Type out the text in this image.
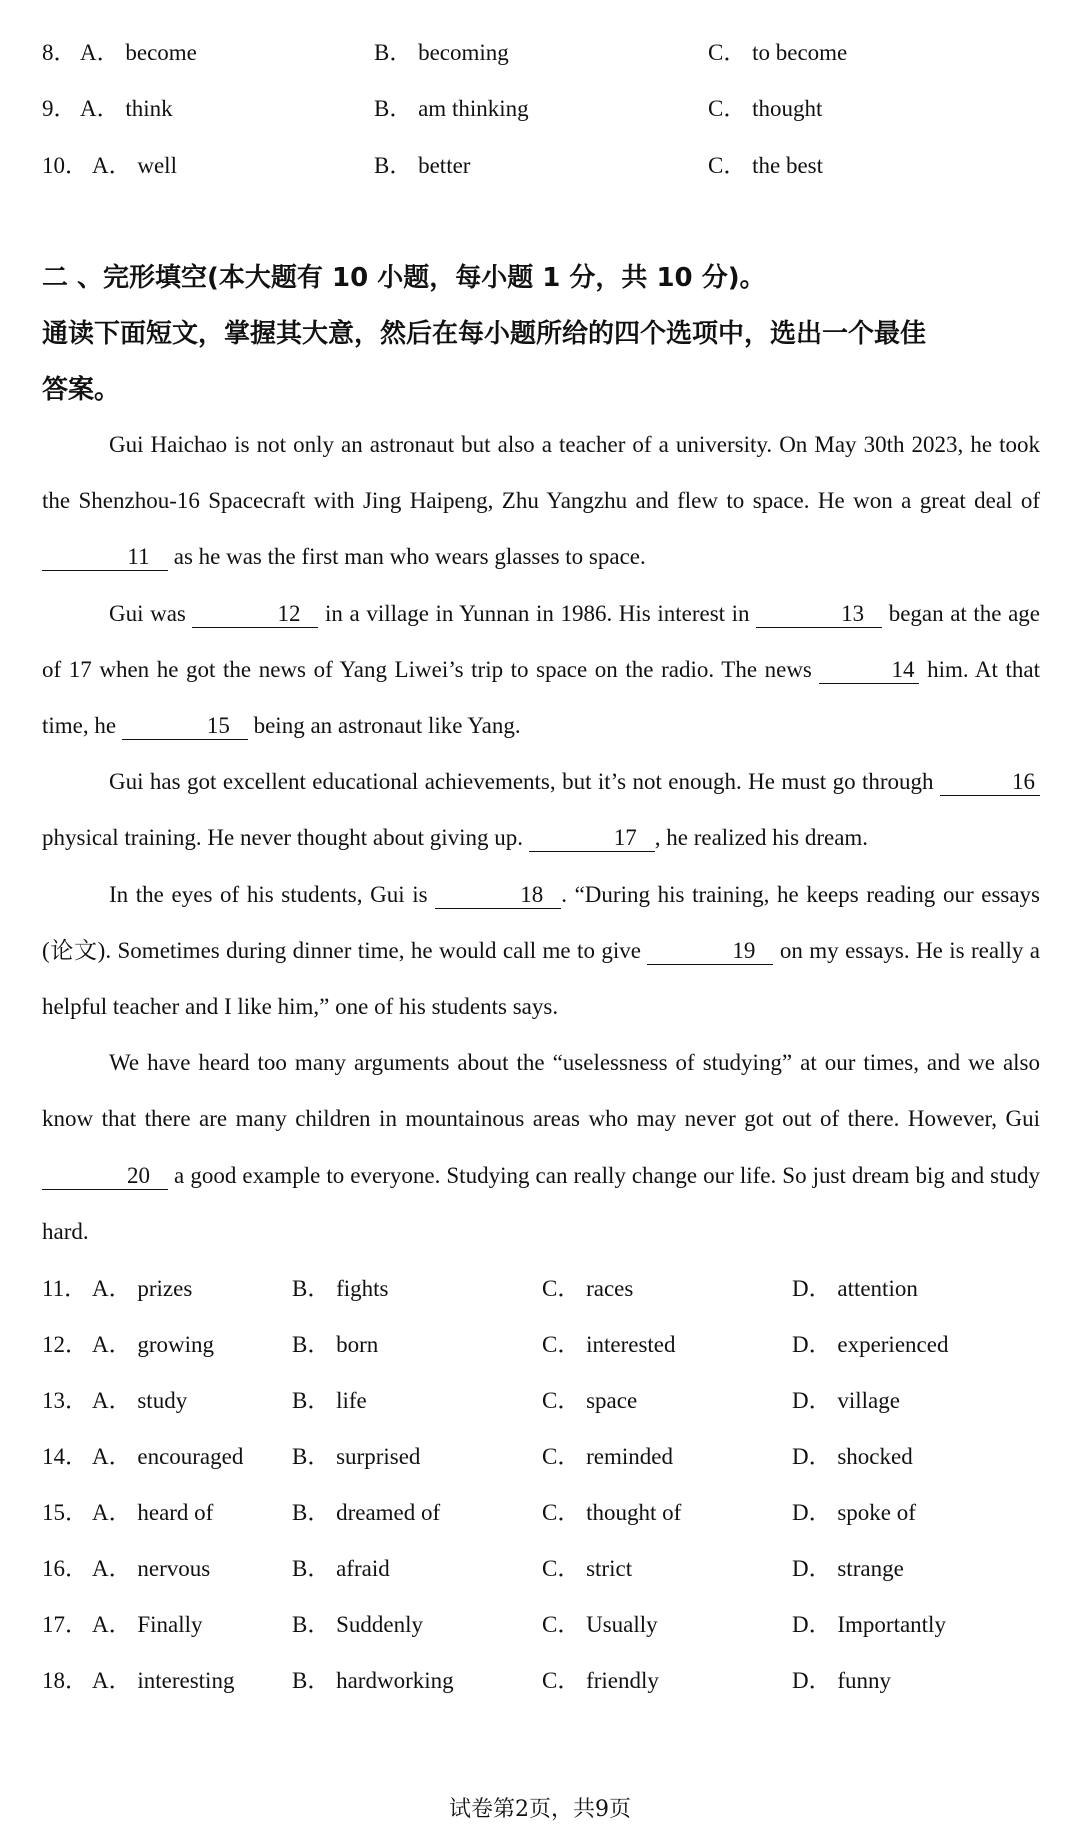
8． A． become	B． becoming	C． to become
9． A． think	B． am thinking	C． thought
10． A． well	B． better	C． the best
二 、完形填空(本大题有 10 小题，每小题 1 分，共 10 分)。
通读下面短文，掌握其大意，然后在每小题所给的四个选项中，选出一个最佳
答案。

Gui Haichao is not only an astronaut but also a teacher of a university. On May 30th 2023, he took the Shenzhou-16 Spacecraft with Jing Haipeng, Zhu Yangzhu and flew to space. He won a great deal of 11 as he was the first man who wears glasses to space.

Gui was	12 in a village in Yunnan in 1986. His interest in	13 began at the age of 17 when he got the news of Yang Liwei’s trip to space on the radio. The news	14 him. At that time, he	15 being an astronaut like Yang.

Gui has got excellent educational achievements, but it’s not enough. He must go through	16 physical training. He never thought about giving up.	17 , he realized his dream.

In the eyes of his students, Gui is	18 . “During his training, he keeps reading our essays (论文). Sometimes during dinner time, he would call me to give	19 on my essays. He is really a helpful teacher and I like him,” one of his students says.

We have heard too many arguments about the “uselessness of studying” at our times, and we also know that there are many children in mountainous areas who may never got out of there. However, Gui 20 a good example to everyone. Studying can really change our life. So just dream big and study hard.

11． A． prizes	B． fights	C． races	D． attention
12． A． growing	B． born	C． interested	D． experienced
13． A． study	B． life	C． space	D． village
14． A． encouraged B． surprised	C． reminded	D． shocked
15． A． heard of	B． dreamed of	C． thought of	D． spoke of
16． A． nervous	B． afraid	C． strict	D． strange
17． A． Finally	B． Suddenly	C． Usually	D． Importantly
18． A． interesting	B． hardworking	C． friendly	D． funny
试卷第2页，共9页
